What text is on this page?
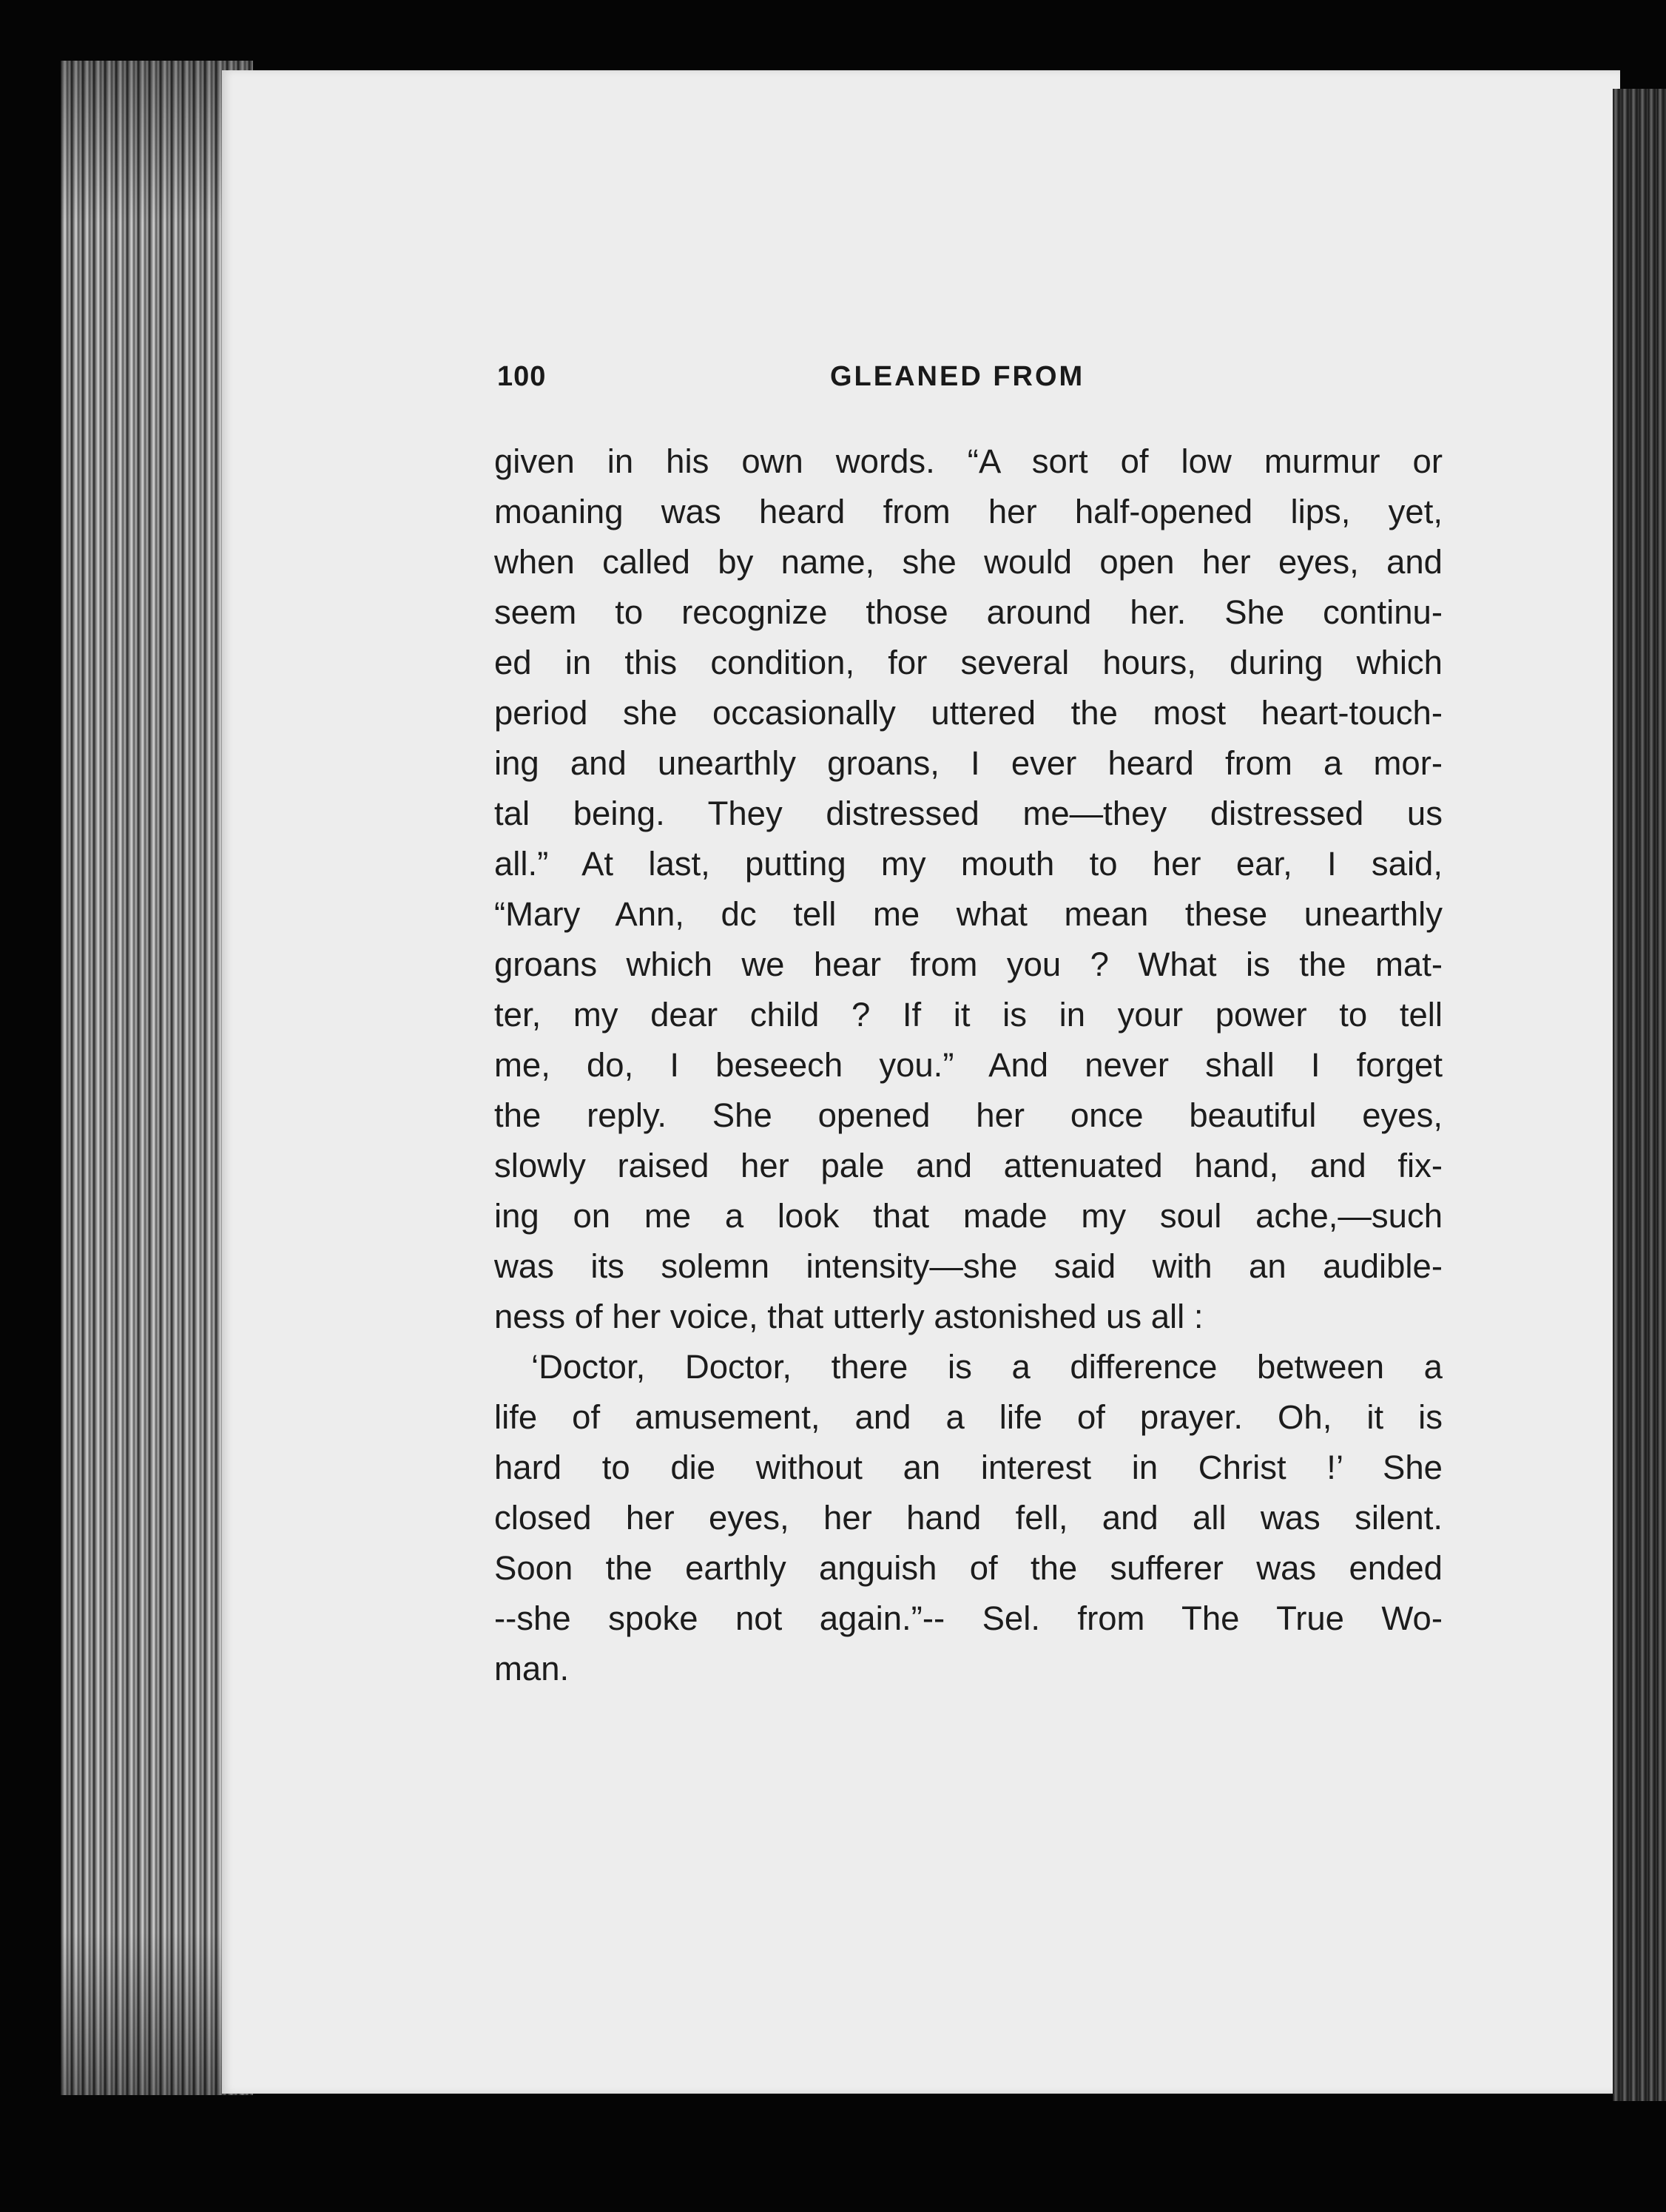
100	GLEANED FROM
given in his own words. “A sort of low murmur or
moaning was heard from her half-opened lips, yet,
when called by name, she would open her eyes, and
seem to recognize those around her. She continu-
ed in this condition, for several hours, during which
period she occasionally uttered the most heart-touch-
ing and unearthly groans, I ever heard from a mor-
tal being. They distressed me—they distressed us
all.” At last, putting my mouth to her ear, I said,
“Mary Ann, dc tell me what mean these unearthly
groans which we hear from you ? What is the mat-
ter, my dear child ? If it is in your power to tell
me, do, I beseech you.” And never shall I forget
the reply. She opened her once beautiful eyes,
slowly raised her pale and attenuated hand, and fix-
ing on me a look that made my soul ache,—such
was its solemn intensity—she said with an audible-
ness of her voice, that utterly astonished us all :
‘Doctor, Doctor, there is a difference between a
life of amusement, and a life of prayer. Oh, it is
hard to die without an interest in Christ !’ She
closed her eyes, her hand fell, and all was silent.
Soon the earthly anguish of the sufferer was ended
--she spoke not again.”-- Sel. from The True Wo-
man.
